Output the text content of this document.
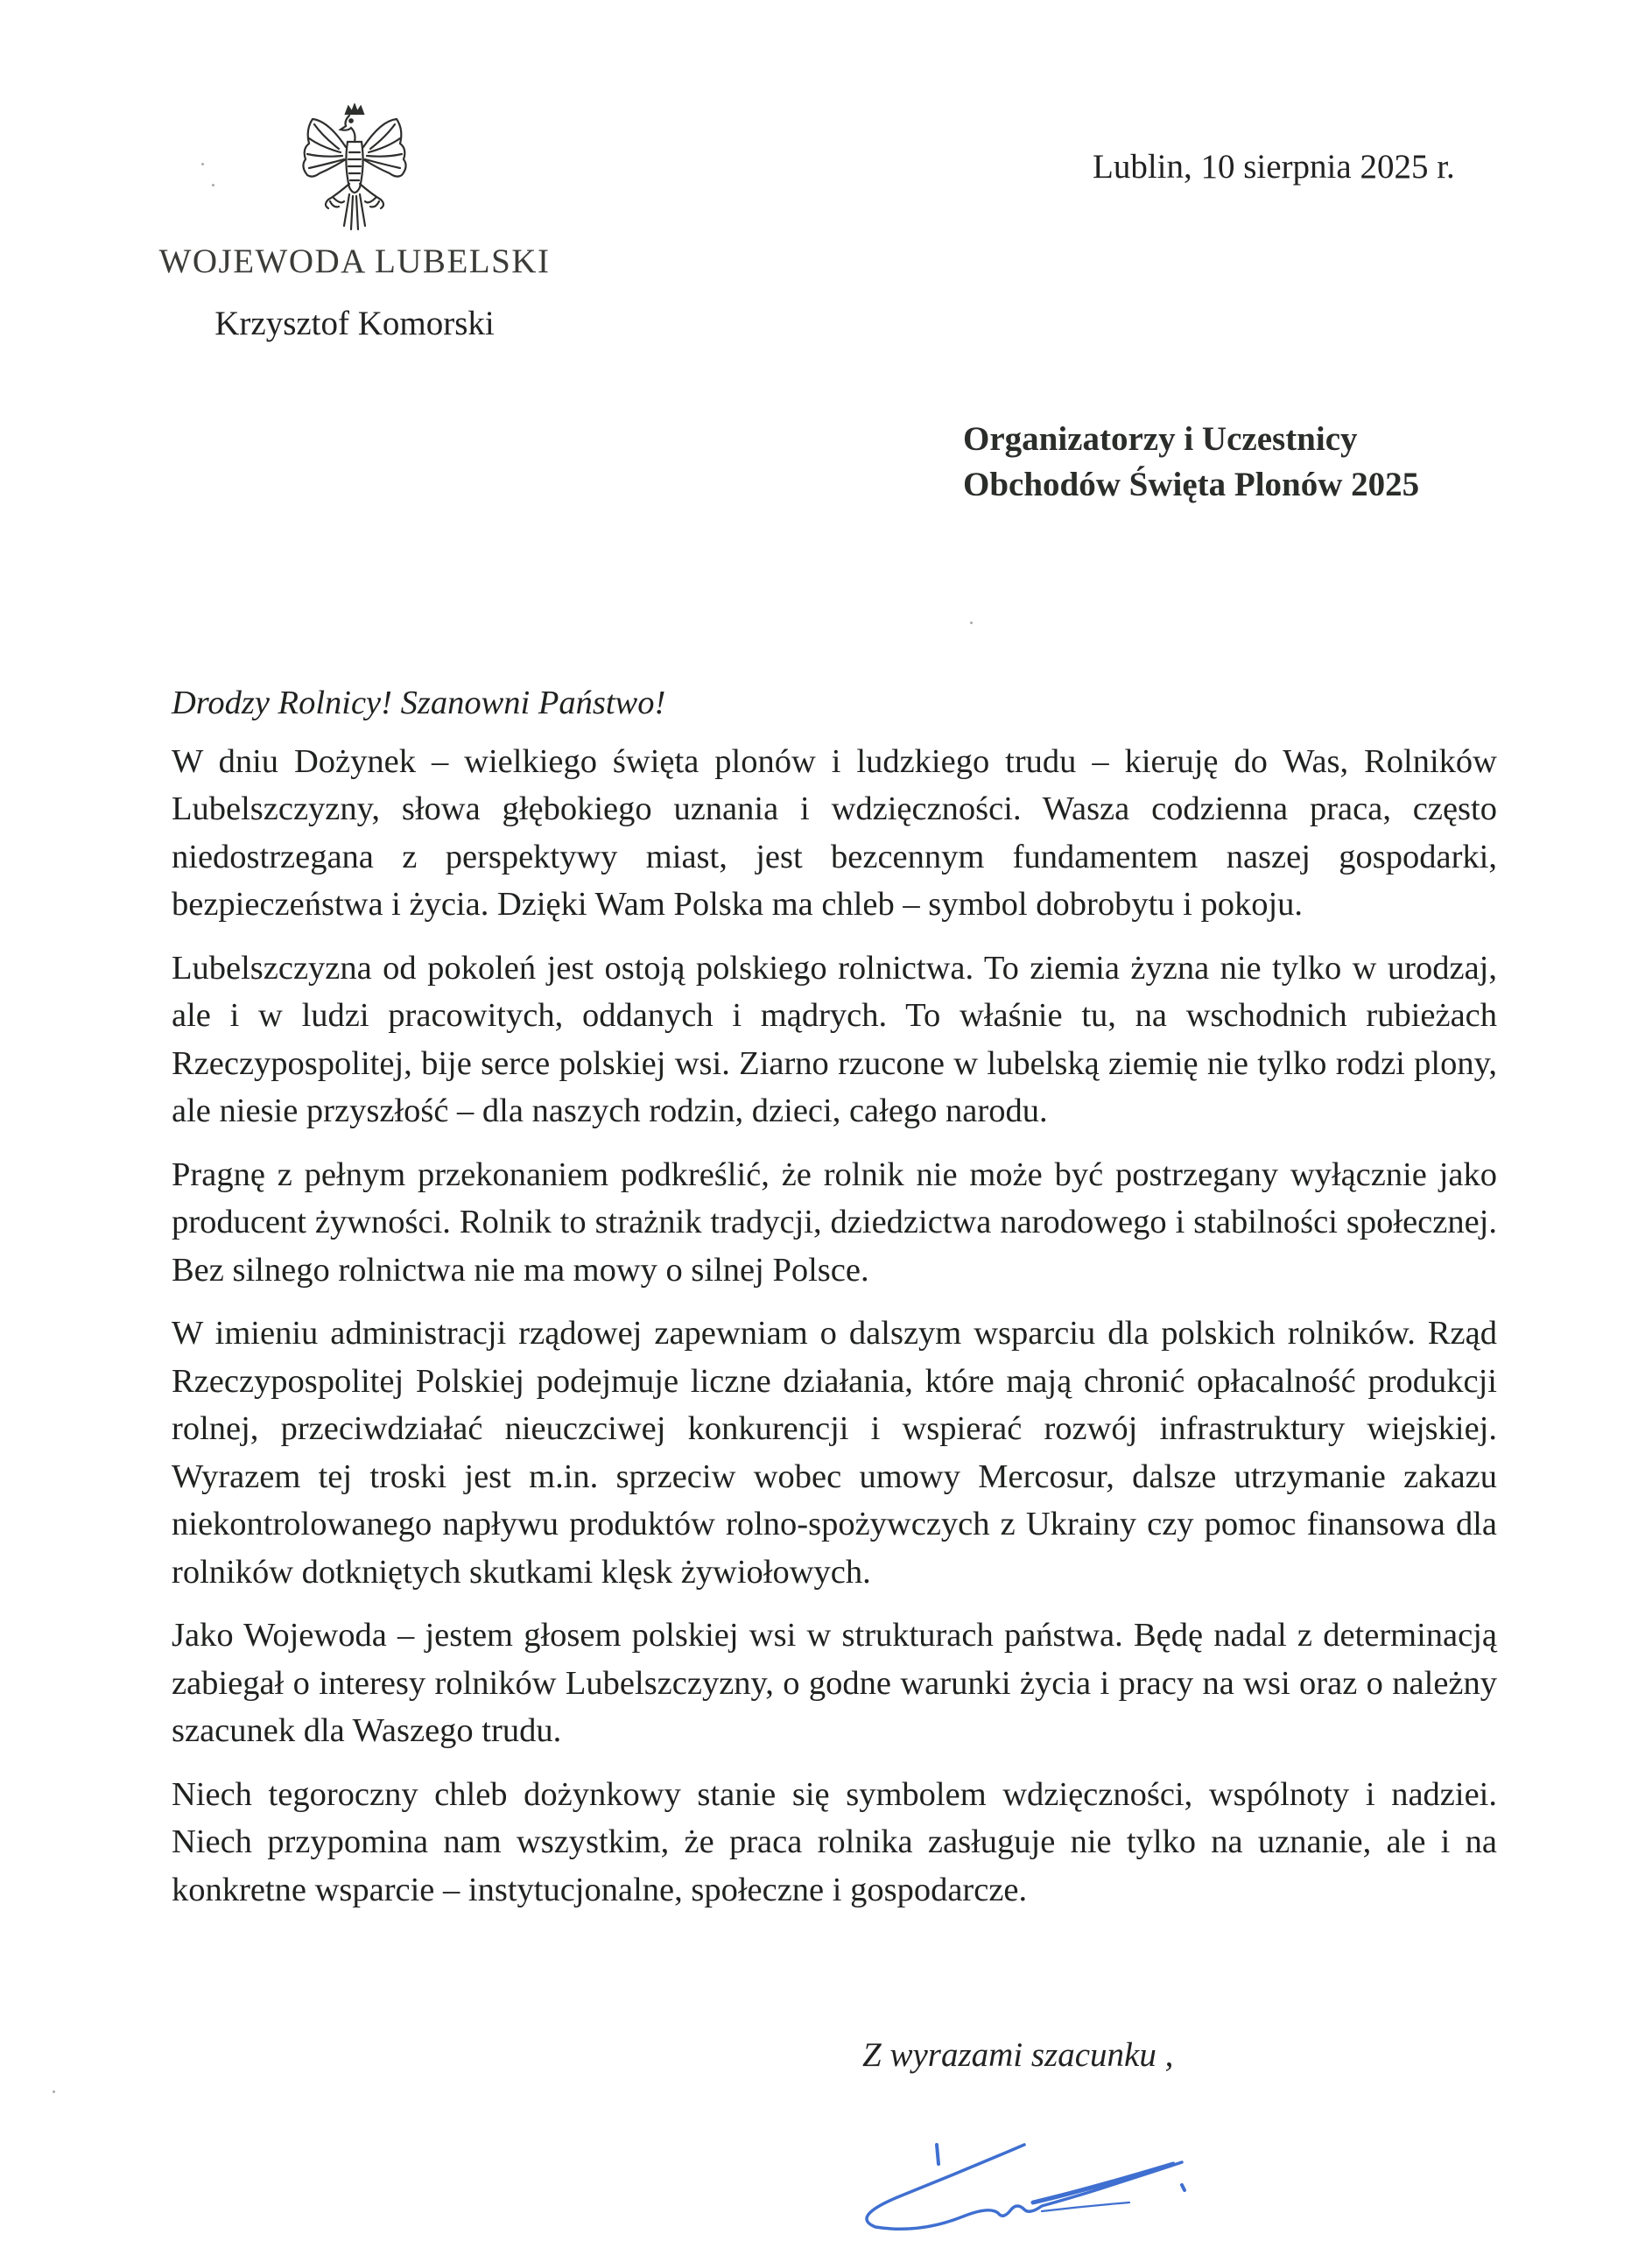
WOJEWODA LUBELSKI
Krzysztof Komorski
Lublin, 10 sierpnia 2025 r.
Organizatorzy i Uczestnicy
Obchodów Święta Plonów 2025

Drodzy Rolnicy! Szanowni Państwo!

W dniu Dożynek – wielkiego święta plonów i ludzkiego trudu – kieruję do Was, Rolników Lubelszczyzny, słowa głębokiego uznania i wdzięczności. Wasza codzienna praca, często niedostrzegana z perspektywy miast, jest bezcennym fundamentem naszej gospodarki, bezpieczeństwa i życia. Dzięki Wam Polska ma chleb – symbol dobrobytu i pokoju.

Lubelszczyzna od pokoleń jest ostoją polskiego rolnictwa. To ziemia żyzna nie tylko w urodzaj, ale i w ludzi pracowitych, oddanych i mądrych. To właśnie tu, na wschodnich rubieżach Rzeczypospolitej, bije serce polskiej wsi. Ziarno rzucone w lubelską ziemię nie tylko rodzi plony, ale niesie przyszłość – dla naszych rodzin, dzieci, całego narodu.

Pragnę z pełnym przekonaniem podkreślić, że rolnik nie może być postrzegany wyłącznie jako producent żywności. Rolnik to strażnik tradycji, dziedzictwa narodowego i stabilności społecznej. Bez silnego rolnictwa nie ma mowy o silnej Polsce.

W imieniu administracji rządowej zapewniam o dalszym wsparciu dla polskich rolników. Rząd Rzeczypospolitej Polskiej podejmuje liczne działania, które mają chronić opłacalność produkcji rolnej, przeciwdziałać nieuczciwej konkurencji i wspierać rozwój infrastruktury wiejskiej. Wyrazem tej troski jest m.in. sprzeciw wobec umowy Mercosur, dalsze utrzymanie zakazu niekontrolowanego napływu produktów rolno-spożywczych z Ukrainy czy pomoc finansowa dla rolników dotkniętych skutkami klęsk żywiołowych.

Jako Wojewoda – jestem głosem polskiej wsi w strukturach państwa. Będę nadal z determinacją zabiegał o interesy rolników Lubelszczyzny, o godne warunki życia i pracy na wsi oraz o należny szacunek dla Waszego trudu.

Niech tegoroczny chleb dożynkowy stanie się symbolem wdzięczności, wspólnoty i nadziei. Niech przypomina nam wszystkim, że praca rolnika zasługuje nie tylko na uznanie, ale i na konkretne wsparcie – instytucjonalne, społeczne i gospodarcze.

Z wyrazami szacunku ,
